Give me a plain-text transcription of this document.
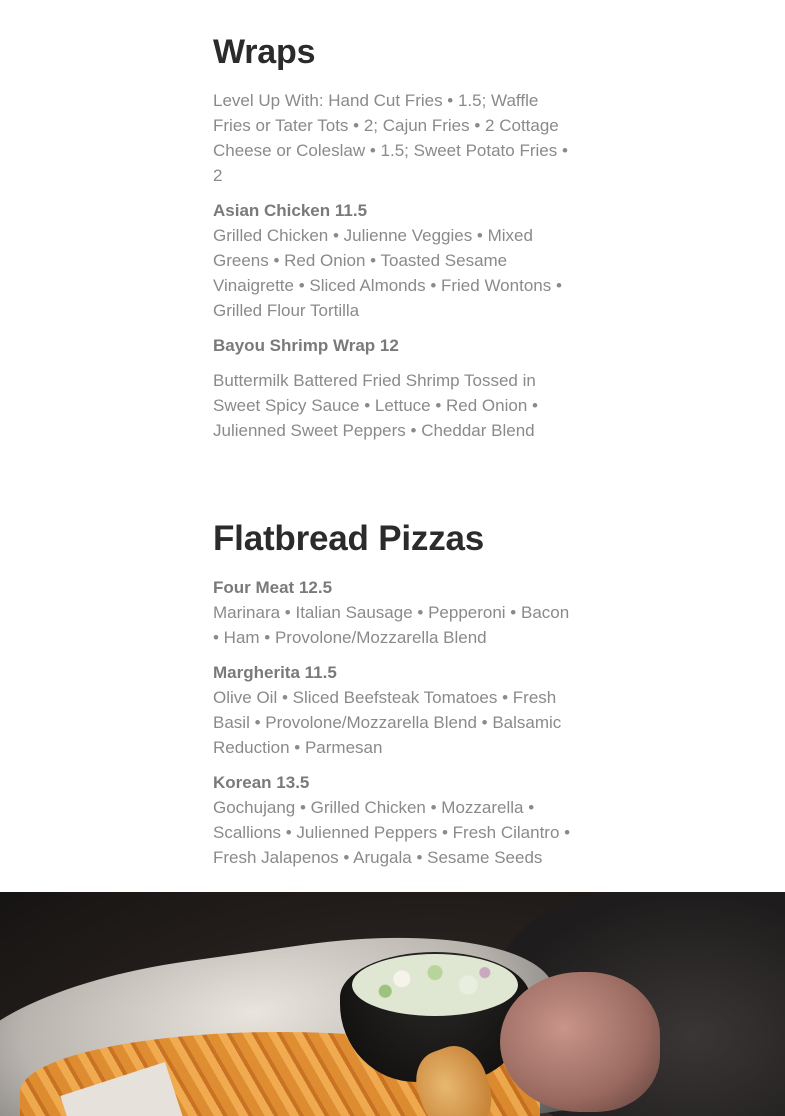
Wraps

Level Up With: Hand Cut Fries • 1.5; Waffle Fries or Tater Tots • 2; Cajun Fries • 2 Cottage Cheese or Coleslaw • 1.5; Sweet Potato Fries • 2

Asian Chicken 11.5

Grilled Chicken • Julienne Veggies • Mixed Greens • Red Onion • Toasted Sesame Vinaigrette • Sliced Almonds • Fried Wontons • Grilled Flour Tortilla

Bayou Shrimp Wrap 12

Buttermilk Battered Fried Shrimp Tossed in Sweet Spicy Sauce • Lettuce • Red Onion • Julienned Sweet Peppers • Cheddar Blend

Flatbread Pizzas

Four Meat 12.5

Marinara • Italian Sausage • Pepperoni • Bacon • Ham • Provolone/Mozzarella Blend

Margherita 11.5

Olive Oil • Sliced Beefsteak Tomatoes • Fresh Basil • Provolone/Mozzarella Blend • Balsamic Reduction • Parmesan

Korean 13.5

Gochujang • Grilled Chicken • Mozzarella • Scallions • Julienned Peppers • Fresh Cilantro • Fresh Jalapenos • Arugala • Sesame Seeds
